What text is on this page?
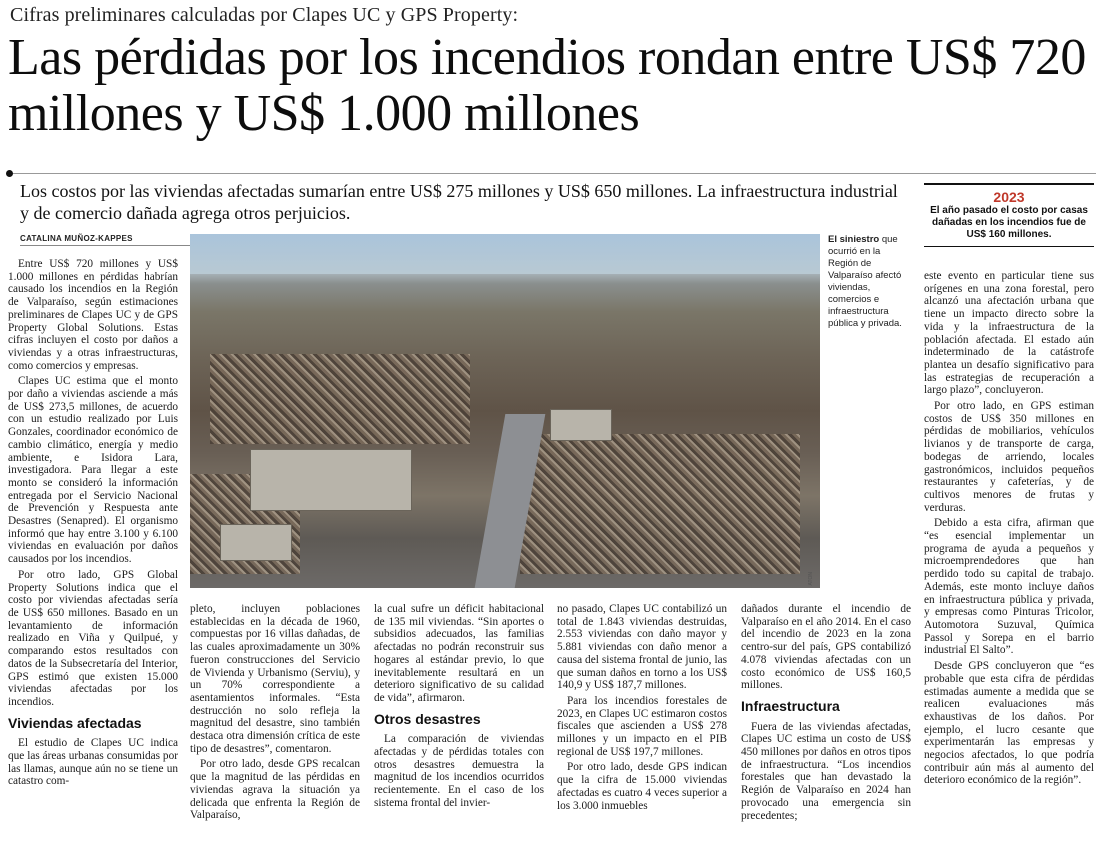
Cifras preliminares calculadas por Clapes UC y GPS Property:
Las pérdidas por los incendios rondan entre US$ 720 millones y US$ 1.000 millones
Los costos por las viviendas afectadas sumarían entre US$ 275 millones y US$ 650 millones. La infraestructura industrial y de comercio dañada agrega otros perjuicios.
2023
El año pasado el costo por casas dañadas en los incendios fue de US$ 160 millones.
CATALINA MUÑOZ-KAPPES
ATON
El siniestro que ocurrió en la Región de Valparaíso afectó viviendas, comercios e infraestructura pública y privada.

Entre US$ 720 millones y US$ 1.000 millones en pérdidas habrían causado los incendios en la Región de Valparaíso, según estimaciones preliminares de Clapes UC y de GPS Property Global Solutions. Estas cifras incluyen el costo por daños a viviendas y a otras infraestructuras, como comercios y empresas.

Clapes UC estima que el monto por daño a viviendas asciende a más de US$ 273,5 millones, de acuerdo con un estudio realizado por Luis Gonzales, coordinador económico de cambio climático, energía y medio ambiente, e Isidora Lara, investigadora. Para llegar a este monto se consideró la información entregada por el Servicio Nacional de Prevención y Respuesta ante Desastres (Senapred). El organismo informó que hay entre 3.100 y 6.100 viviendas en evaluación por daños causados por los incendios.

Por otro lado, GPS Global Property Solutions indica que el costo por viviendas afectadas sería de US$ 650 millones. Basado en un levantamiento de información realizado en Viña y Quilpué, y comparando estos resultados con datos de la Subsecretaría del Interior, GPS estimó que existen 15.000 viviendas afectadas por los incendios.

Viviendas afectadas

El estudio de Clapes UC indica que las áreas urbanas consumidas por las llamas, aunque aún no se tiene un catastro com-

pleto, incluyen poblaciones establecidas en la década de 1960, compuestas por 16 villas dañadas, de las cuales aproximadamente un 30% fueron construcciones del Servicio de Vivienda y Urbanismo (Serviu), y un 70% correspondiente a asentamientos informales. “Esta destrucción no solo refleja la magnitud del desastre, sino también destaca otra dimensión crítica de este tipo de desastres”, comentaron.

Por otro lado, desde GPS recalcan que la magnitud de las pérdidas en viviendas agrava la situación ya delicada que enfrenta la Región de Valparaíso,

la cual sufre un déficit habitacional de 135 mil viviendas. “Sin aportes o subsidios adecuados, las familias afectadas no podrán reconstruir sus hogares al estándar previo, lo que inevitablemente resultará en un deterioro significativo de su calidad de vida”, afirmaron.

Otros desastres

La comparación de viviendas afectadas y de pérdidas totales con otros desastres demuestra la magnitud de los incendios ocurridos recientemente. En el caso de los sistema frontal del invier-

no pasado, Clapes UC contabilizó un total de 1.843 viviendas destruidas, 2.553 viviendas con daño mayor y 5.881 viviendas con daño menor a causa del sistema frontal de junio, las que suman daños en torno a los US$ 140,9 y US$ 187,7 millones.

Para los incendios forestales de 2023, en Clapes UC estimaron costos fiscales que ascienden a US$ 278 millones y un impacto en el PIB regional de US$ 197,7 millones.

Por otro lado, desde GPS indican que la cifra de 15.000 viviendas afectadas es cuatro 4 veces superior a los 3.000 inmuebles

dañados durante el incendio de Valparaíso en el año 2014. En el caso del incendio de 2023 en la zona centro-sur del país, GPS contabilizó 4.078 viviendas afectadas con un costo económico de US$ 160,5 millones.

Infraestructura

Fuera de las viviendas afectadas, Clapes UC estima un costo de US$ 450 millones por daños en otros tipos de infraestructura. “Los incendios forestales que han devastado la Región de Valparaíso en 2024 han provocado una emergencia sin precedentes;

este evento en particular tiene sus orígenes en una zona forestal, pero alcanzó una afectación urbana que tiene un impacto directo sobre la vida y la infraestructura de la población afectada. El estado aún indeterminado de la catástrofe plantea un desafío significativo para las estrategias de recuperación a largo plazo”, concluyeron.

Por otro lado, en GPS estiman costos de US$ 350 millones en pérdidas de mobiliarios, vehículos livianos y de transporte de carga, bodegas de arriendo, locales gastronómicos, incluidos pequeños restaurantes y cafeterías, y de cultivos menores de frutas y verduras.

Debido a esta cifra, afirman que “es esencial implementar un programa de ayuda a pequeños y microemprendedores que han perdido todo su capital de trabajo. Además, este monto incluye daños en infraestructura pública y privada, y empresas como Pinturas Tricolor, Automotora Suzuval, Química Passol y Sorepa en el barrio industrial El Salto”.

Desde GPS concluyeron que “es probable que esta cifra de pérdidas estimadas aumente a medida que se realicen evaluaciones más exhaustivas de los daños. Por ejemplo, el lucro cesante que experimentarán las empresas y negocios afectados, lo que podría contribuir aún más al aumento del deterioro económico de la región”.
